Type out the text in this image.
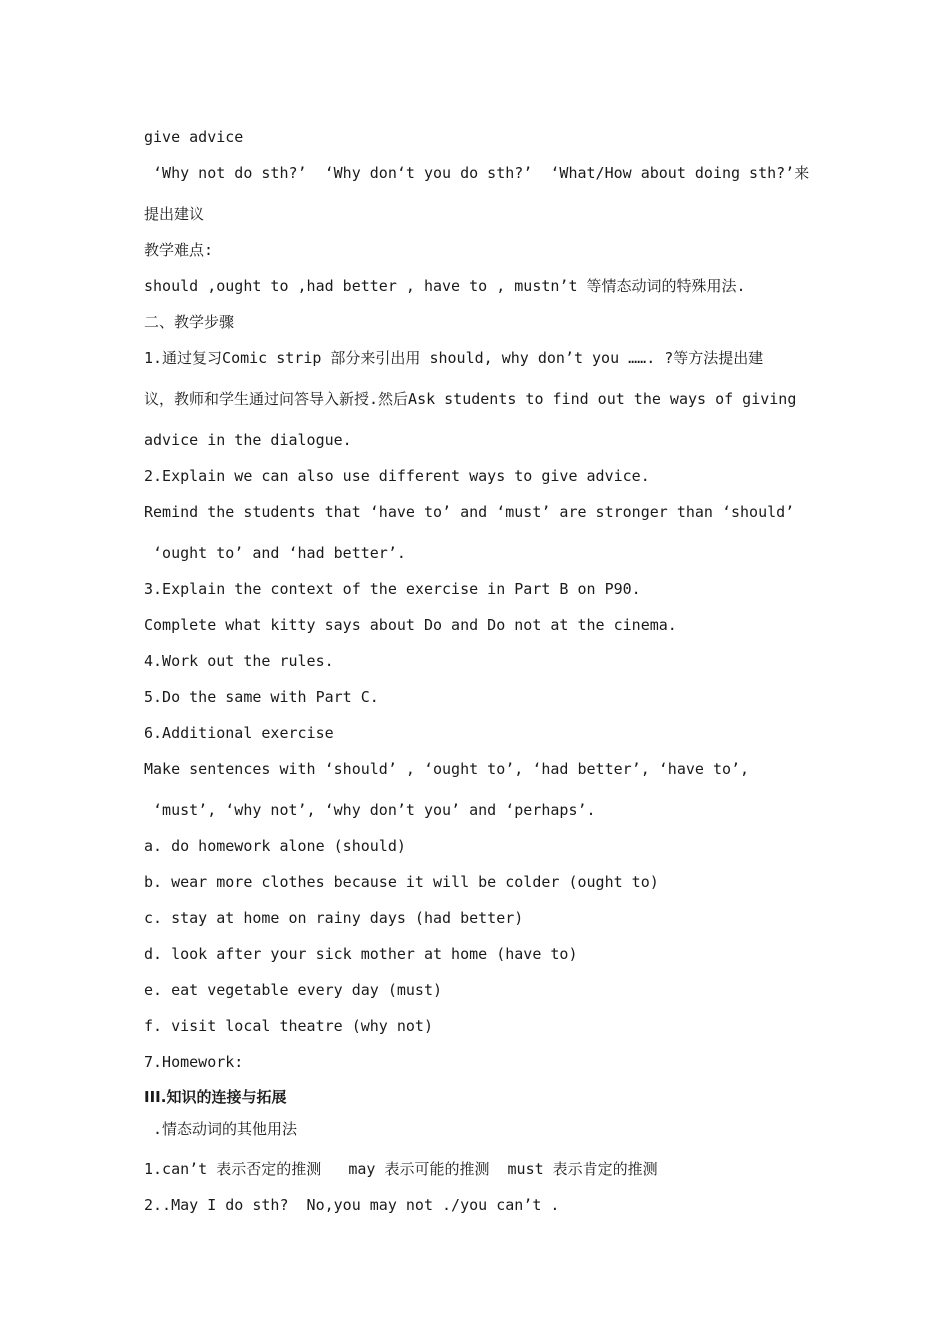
give advice
‘Why not do sth?’  ‘Why don‘t you do sth?’  ‘What/How about doing sth?’来
提出建议
教学难点:
should ,ought to ,had better , have to , mustn’t 等情态动词的特殊用法.
二、教学步骤
1.通过复习Comic strip 部分来引出用 should, why don’t you ……. ?等方法提出建
议，教师和学生通过问答导入新授.然后Ask students to find out the ways of giving
advice in the dialogue.
2.Explain we can also use different ways to give advice.
Remind the students that ‘have to’ and ‘must’ are stronger than ‘should’
‘ought to’ and ‘had better’.
3.Explain the context of the exercise in Part B on P90.
Complete what kitty says about Do and Do not at the cinema.
4.Work out the rules.
5.Do the same with Part C.
6.Additional exercise
Make sentences with ‘should’ , ‘ought to’, ‘had better’, ‘have to’,
‘must’, ‘why not’, ‘why don’t you’ and ‘perhaps’.
a. do homework alone (should)
b. wear more clothes because it will be colder (ought to)
c. stay at home on rainy days (had better)
d. look after your sick mother at home (have to)
e. eat vegetable every day (must)
f. visit local theatre (why not)
7.Homework:
III.知识的连接与拓展
.情态动词的其他用法
1.can’t 表示否定的推测   may 表示可能的推测  must 表示肯定的推测
2..May I do sth?  No,you may not ./you can’t .
